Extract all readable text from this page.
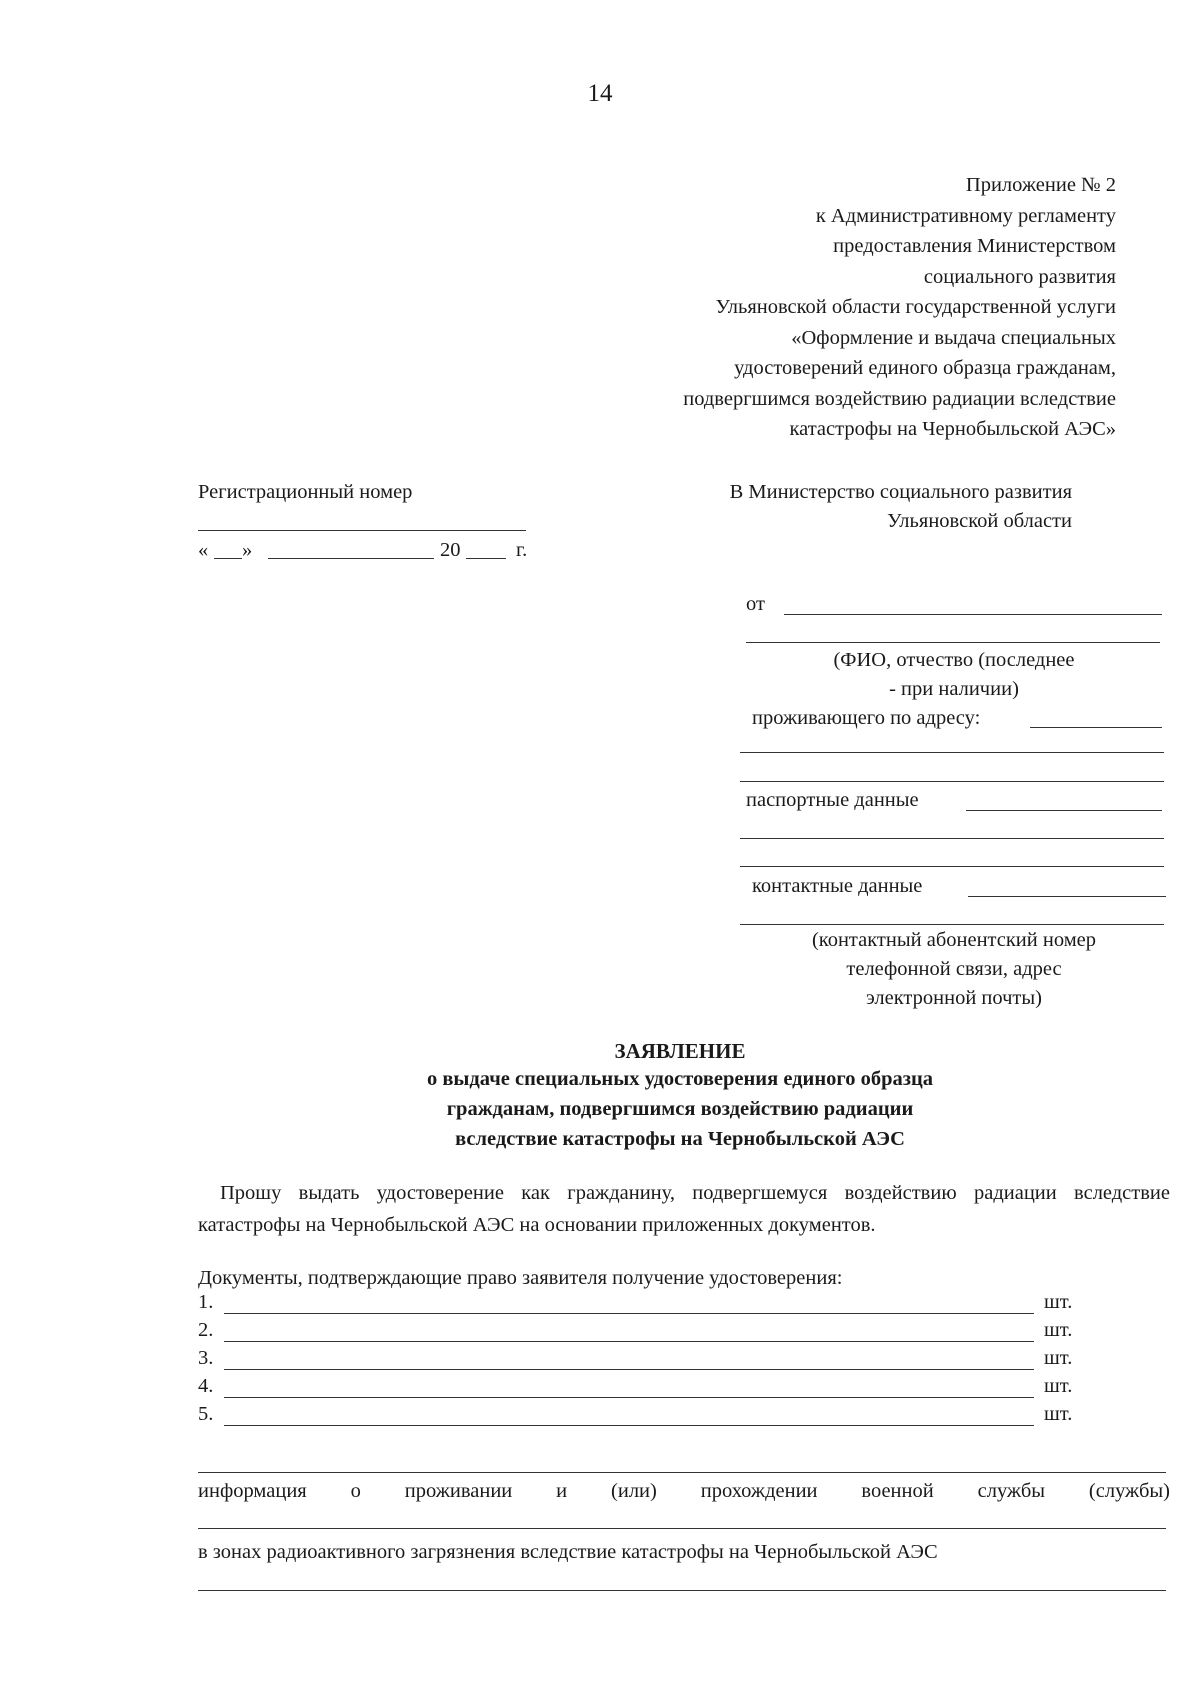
14
Приложение № 2
к Административному регламенту
предоставления Министерством
социального развития
Ульяновской области государственной услуги
«Оформление и выдача специальных
удостоверений единого образца гражданам,
подвергшимся воздействию радиации вследствие
катастрофы на Чернобыльской АЭС»
Регистрационный номер
« »	20	г.
В Министерство социального развития
Ульяновской области
от
(ФИО, отчество (последнее
- при наличии)
проживающего по адресу:
паспортные данные
контактные данные
(контактный абонентский номер
телефонной связи, адрес
электронной почты)
ЗАЯВЛЕНИЕ
о выдаче специальных удостоверения единого образца
гражданам, подвергшимся воздействию радиации
вследствие катастрофы на Чернобыльской АЭС
Прошу выдать удостоверение как гражданину, подвергшемуся воздействию радиации вследствие катастрофы на Чернобыльской АЭС на основании приложенных документов.
Документы, подтверждающие право заявителя получение удостоверения:
1.	шт.
2.	шт.
3.	шт.
4.	шт.
5.	шт.
информация о проживании и (или) прохождении военной службы (службы)
в зонах радиоактивного загрязнения вследствие катастрофы на Чернобыльской АЭС
